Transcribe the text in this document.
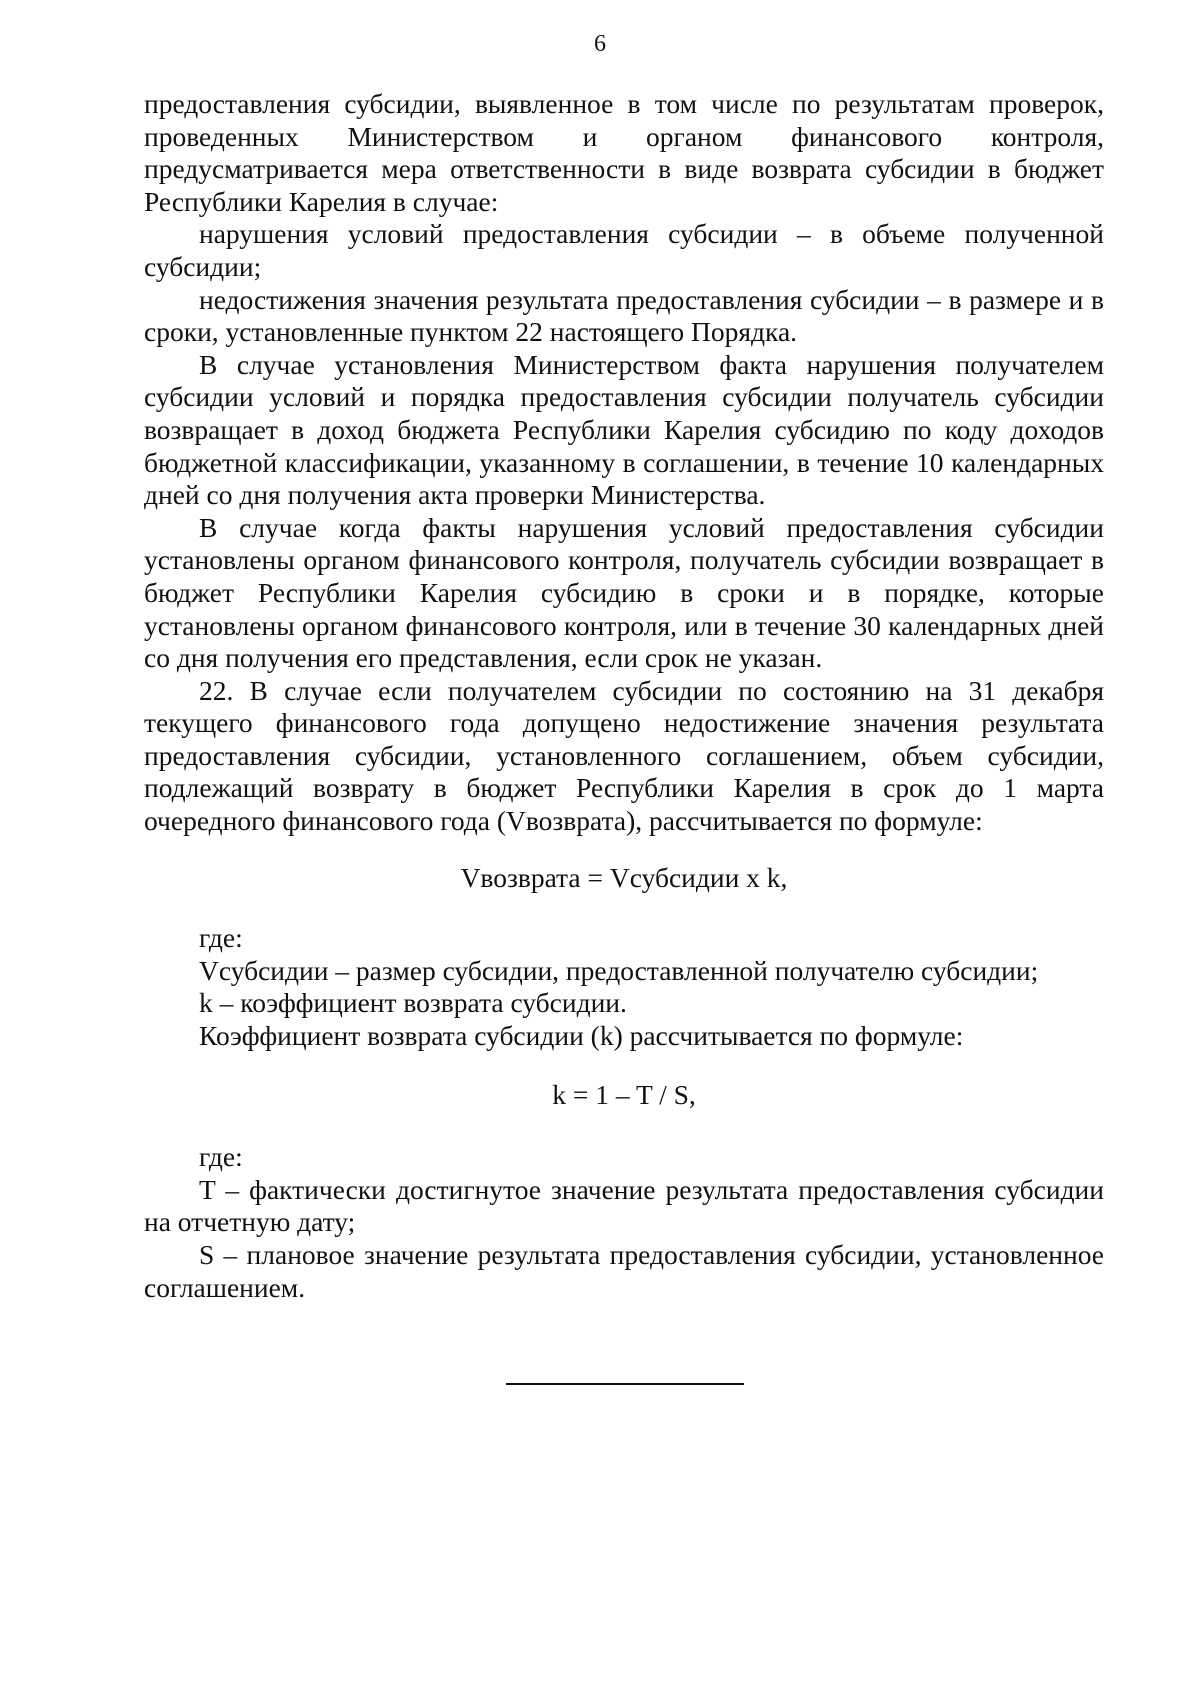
6

предоставления субсидии, выявленное в том числе по результатам проверок, проведенных Министерством и органом финансового контроля, предусматривается мера ответственности в виде возврата субсидии в бюджет Республики Карелия в случае:

нарушения условий предоставления субсидии – в объеме полученной субсидии;

недостижения значения результата предоставления субсидии – в размере и в сроки, установленные пунктом 22 настоящего Порядка.

В случае установления Министерством факта нарушения получателем субсидии условий и порядка предоставления субсидии получатель субсидии возвращает в доход бюджета Республики Карелия субсидию по коду доходов бюджетной классификации, указанному в соглашении, в течение 10 календарных дней со дня получения акта проверки Министерства.

В случае когда факты нарушения условий предоставления субсидии установлены органом финансового контроля, получатель субсидии возвращает в бюджет Республики Карелия субсидию в сроки и в порядке, которые установлены органом финансового контроля, или в течение 30 календарных дней со дня получения его представления, если срок не указан.

22. В случае если получателем субсидии по состоянию на 31 декабря текущего финансового года допущено недостижение значения результата предоставления субсидии, установленного соглашением, объем субсидии, подлежащий возврату в бюджет Республики Карелия в срок до 1 марта очередного финансового года (Vвозврата), рассчитывается по формуле:

Vвозврата = Vсубсидии х k,

где:

Vсубсидии – размер субсидии, предоставленной получателю субсидии;

k – коэффициент возврата субсидии.

Коэффициент возврата субсидии (k) рассчитывается по формуле:

k = 1 – T / S,

где:

T – фактически достигнутое значение результата предоставления субсидии на отчетную дату;

S – плановое значение результата предоставления субсидии, установленное соглашением.
